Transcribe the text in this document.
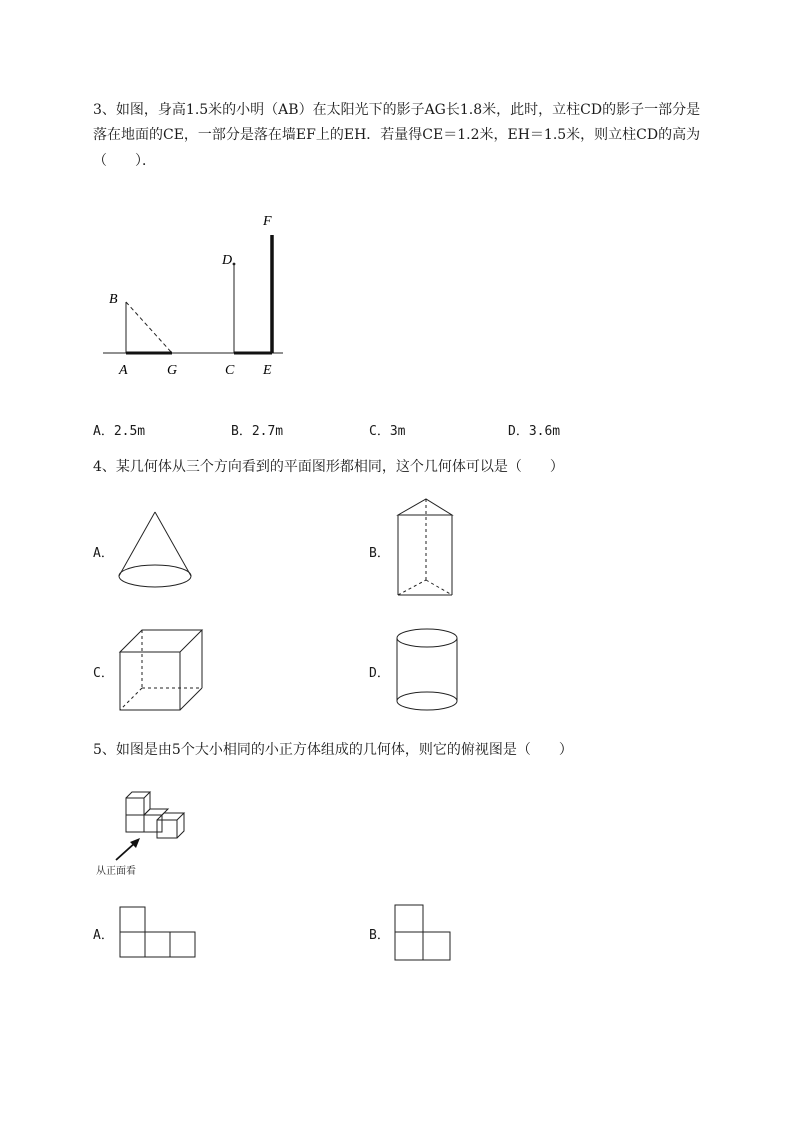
3、如图，身高1.5米的小明（AB）在太阳光下的影子AG长1.8米，此时，立柱CD的影子一部分是
落在地面的CE，一部分是落在墙EF上的EH．若量得CE＝1.2米，EH＝1.5米，则立柱CD的高为
（　　）．
B
A	G
D
C E
F
A．2.5m	B．2.7m	C．3m	D．3.6m
4、某几何体从三个方向看到的平面图形都相同，这个几何体可以是（　　）
A．	B．
C．	D．
5、如图是由5个大小相同的小正方体组成的几何体，则它的俯视图是（　　）
从正面看
A．	B．
